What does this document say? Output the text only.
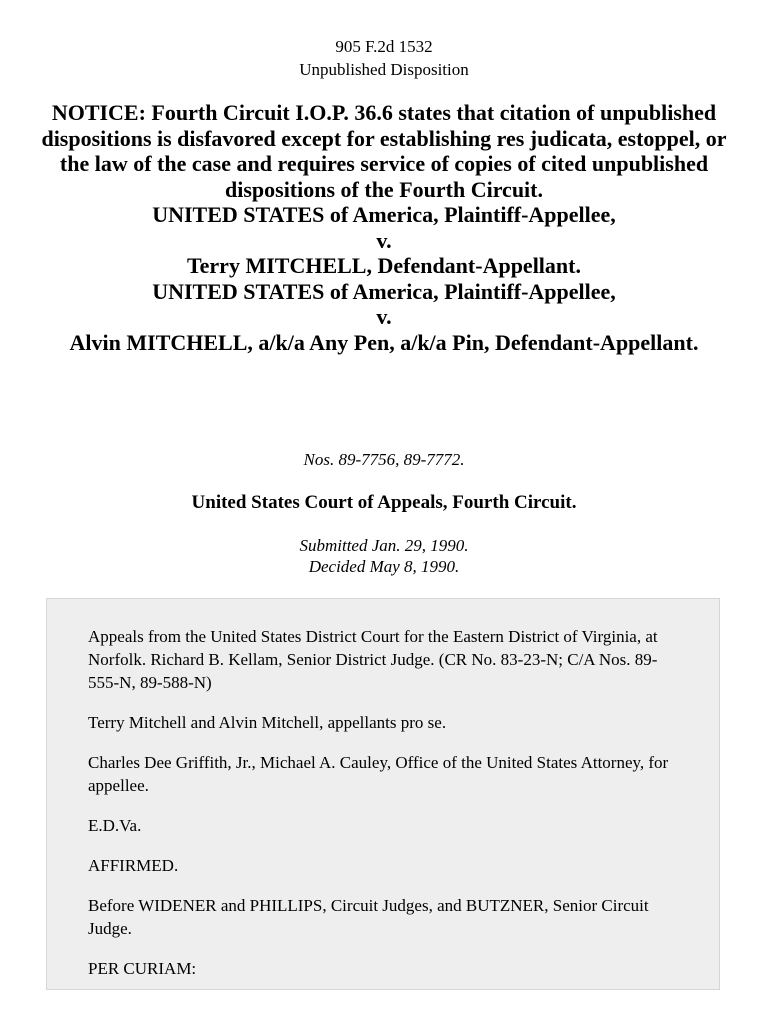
905 F.2d 1532
Unpublished Disposition
NOTICE: Fourth Circuit I.O.P. 36.6 states that citation of unpublished dispositions is disfavored except for establishing res judicata, estoppel, or the law of the case and requires service of copies of cited unpublished dispositions of the Fourth Circuit.
UNITED STATES of America, Plaintiff-Appellee,
v.
Terry MITCHELL, Defendant-Appellant.
UNITED STATES of America, Plaintiff-Appellee,
v.
Alvin MITCHELL, a/k/a Any Pen, a/k/a Pin, Defendant-Appellant.
Nos. 89-7756, 89-7772.
United States Court of Appeals, Fourth Circuit.
Submitted Jan. 29, 1990.
Decided May 8, 1990.

Appeals from the United States District Court for the Eastern District of Virginia, at Norfolk. Richard B. Kellam, Senior District Judge. (CR No. 83-23-N; C/A Nos. 89-555-N, 89-588-N)

Terry Mitchell and Alvin Mitchell, appellants pro se.

Charles Dee Griffith, Jr., Michael A. Cauley, Office of the United States Attorney, for appellee.

E.D.Va.

AFFIRMED.

Before WIDENER and PHILLIPS, Circuit Judges, and BUTZNER, Senior Circuit Judge.

PER CURIAM:
